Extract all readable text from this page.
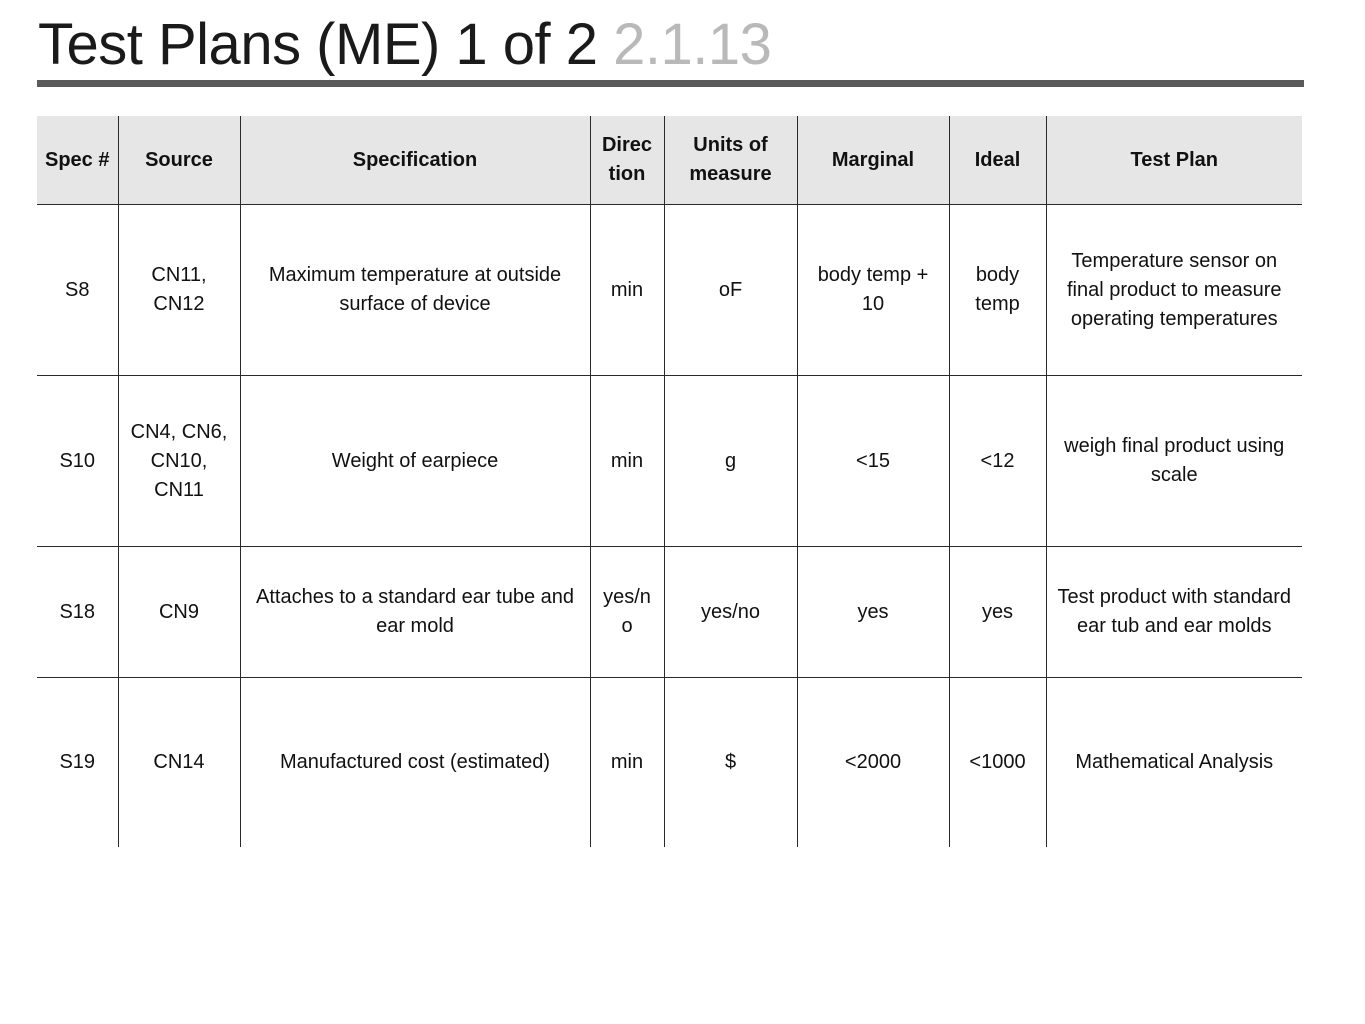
Test Plans (ME) 1 of 2 2.1.13
Spec #	Source	Specification	Direc tion	Units of measure	Marginal	Ideal	Test Plan
S8	CN11, CN12	Maximum temperature at outside surface of device	min	oF	body temp + 10	body temp	Temperature sensor on final product to measure operating temperatures
S10	CN4, CN6, CN10, CN11	Weight of earpiece	min	g	<15	<12	weigh final product using scale
S18	CN9	Attaches to a standard ear tube and ear mold	yes/n o	yes/no	yes	yes	Test product with standard ear tub and ear molds
S19	CN14	Manufactured cost (estimated)	min	$	<2000	<1000	Mathematical Analysis
